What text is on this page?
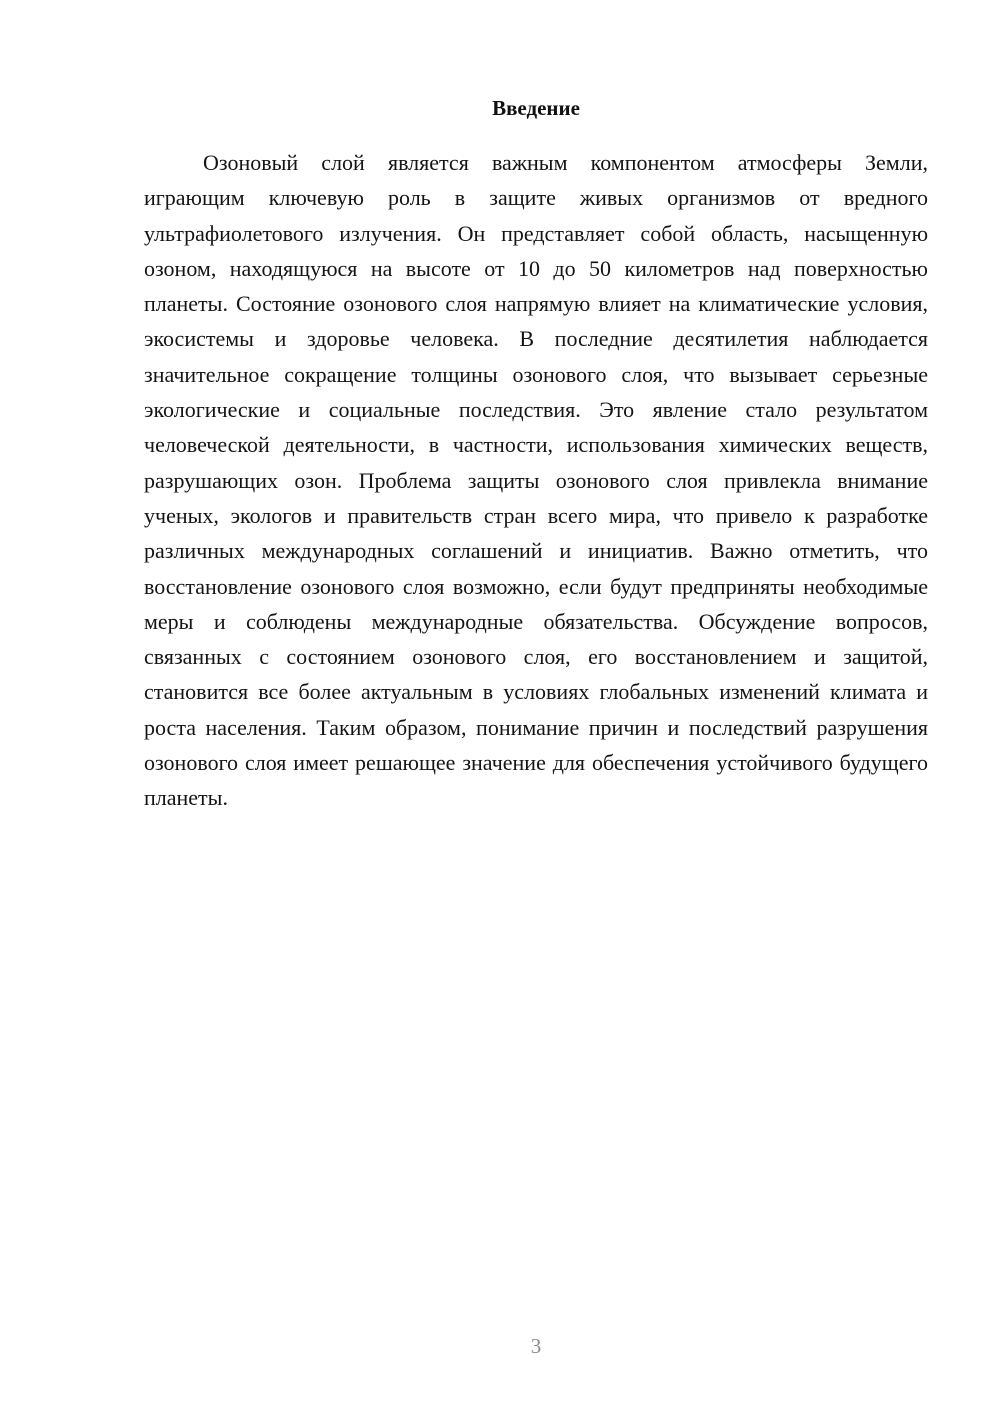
Введение

Озоновый слой является важным компонентом атмосферы Земли, играющим ключевую роль в защите живых организмов от вредного ультрафиолетового излучения. Он представляет собой область, насыщенную озоном, находящуюся на высоте от 10 до 50 километров над поверхностью планеты. Состояние озонового слоя напрямую влияет на климатические условия, экосистемы и здоровье человека. В последние десятилетия наблюдается значительное сокращение толщины озонового слоя, что вызывает серьезные экологические и социальные последствия. Это явление стало результатом человеческой деятельности, в частности, использования химических веществ, разрушающих озон. Проблема защиты озонового слоя привлекла внимание ученых, экологов и правительств стран всего мира, что привело к разработке различных международных соглашений и инициатив. Важно отметить, что восстановление озонового слоя возможно, если будут предприняты необходимые меры и соблюдены международные обязательства. Обсуждение вопросов, связанных с состоянием озонового слоя, его восстановлением и защитой, становится все более актуальным в условиях глобальных изменений климата и роста населения. Таким образом, понимание причин и последствий разрушения озонового слоя имеет решающее значение для обеспечения устойчивого будущего планеты.

3
